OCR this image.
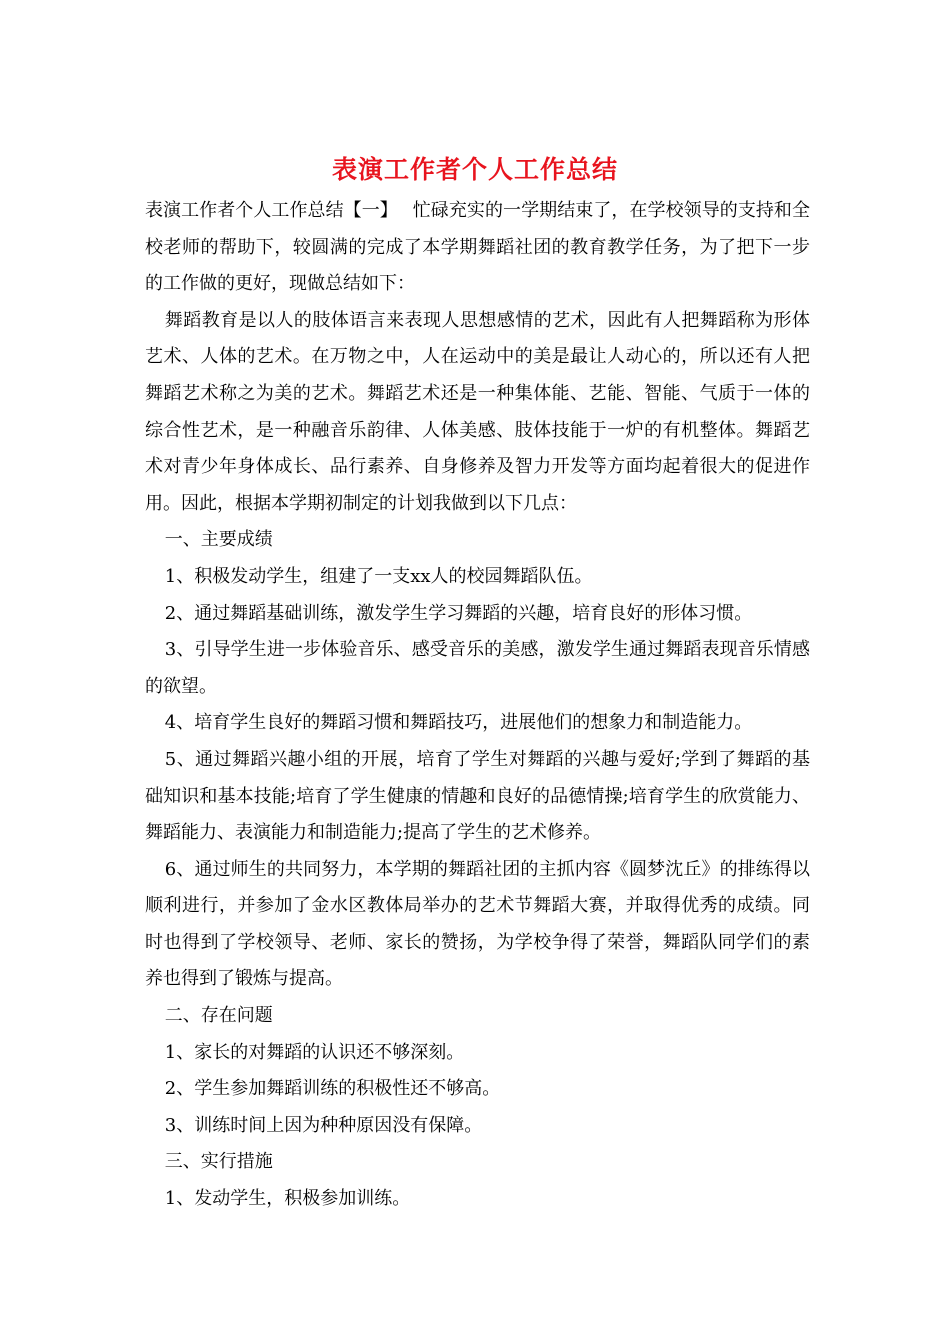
表演工作者个人工作总结

表演工作者个人工作总结【一】　 忙碌充实的一学期结束了，在学校领导的支持和全校老师的帮助下，较圆满的完成了本学期舞蹈社团的教育教学任务，为了把下一步的工作做的更好，现做总结如下：

舞蹈教育是以人的肢体语言来表现人思想感情的艺术，因此有人把舞蹈称为形体艺术、人体的艺术。在万物之中，人在运动中的美是最让人动心的，所以还有人把舞蹈艺术称之为美的艺术。舞蹈艺术还是一种集体能、艺能、智能、气质于一体的综合性艺术，是一种融音乐韵律、人体美感、肢体技能于一炉的有机整体。舞蹈艺术对青少年身体成长、品行素养、自身修养及智力开发等方面均起着很大的促进作用。因此，根据本学期初制定的计划我做到以下几点：

一、主要成绩

1、积极发动学生，组建了一支xx人的校园舞蹈队伍。

2、通过舞蹈基础训练，激发学生学习舞蹈的兴趣，培育良好的形体习惯。

3、引导学生进一步体验音乐、感受音乐的美感，激发学生通过舞蹈表现音乐情感的欲望。

4、培育学生良好的舞蹈习惯和舞蹈技巧，进展他们的想象力和制造能力。

5、通过舞蹈兴趣小组的开展，培育了学生对舞蹈的兴趣与爱好;学到了舞蹈的基础知识和基本技能;培育了学生健康的情趣和良好的品德情操;培育学生的欣赏能力、舞蹈能力、表演能力和制造能力;提高了学生的艺术修养。

6、通过师生的共同努力，本学期的舞蹈社团的主抓内容《圆梦沈丘》的排练得以顺利进行，并参加了金水区教体局举办的艺术节舞蹈大赛，并取得优秀的成绩。同时也得到了学校领导、老师、家长的赞扬，为学校争得了荣誉，舞蹈队同学们的素养也得到了锻炼与提高。

二、存在问题

1、家长的对舞蹈的认识还不够深刻。

2、学生参加舞蹈训练的积极性还不够高。

3、训练时间上因为种种原因没有保障。

三、实行措施

1、发动学生，积极参加训练。
